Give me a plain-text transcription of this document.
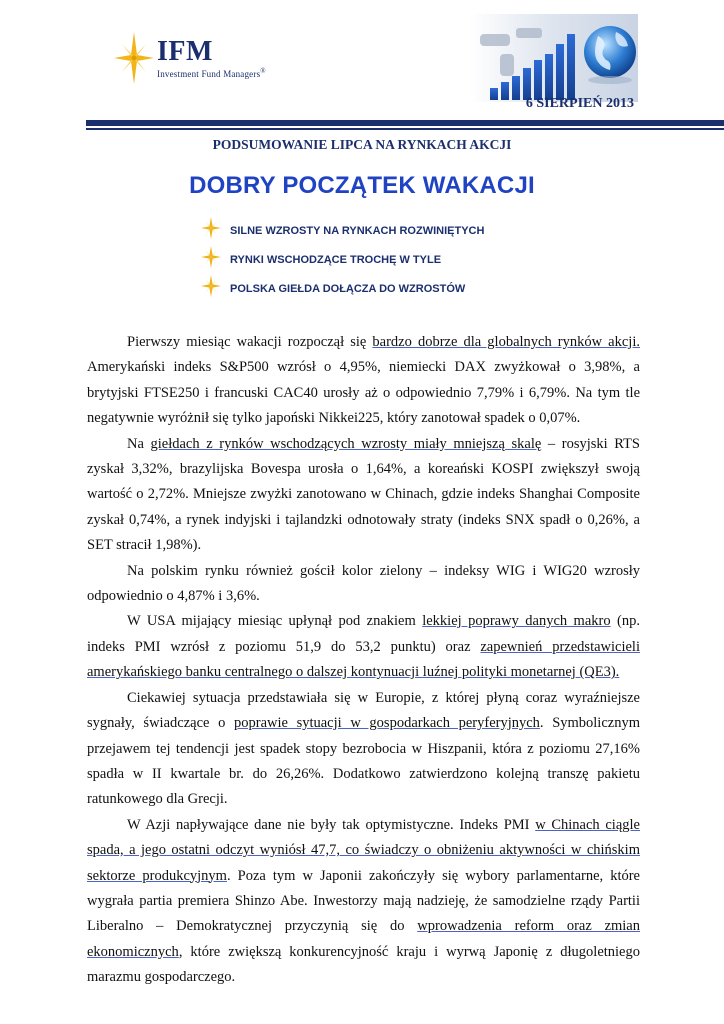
IFM
Investment Fund Managers®
6 SIERPIEŃ 2013
PODSUMOWANIE LIPCA NA RYNKACH AKCJI
DOBRY POCZĄTEK WAKACJI
SILNE WZROSTY NA RYNKACH ROZWINIĘTYCH
RYNKI WSCHODZĄCE TROCHĘ W TYLE
POLSKA GIEŁDA DOŁĄCZA DO WZROSTÓW

Pierwszy miesiąc wakacji rozpoczął się bardzo dobrze dla globalnych rynków akcji. Amerykański indeks S&P500 wzrósł o 4,95%, niemiecki DAX zwyżkował o 3,98%, a brytyjski FTSE250 i francuski CAC40 urosły aż o odpowiednio 7,79% i 6,79%. Na tym tle negatywnie wyróżnił się tylko japoński Nikkei225, który zanotował spadek o 0,07%.

Na giełdach z rynków wschodzących wzrosty miały mniejszą skalę – rosyjski RTS zyskał 3,32%, brazylijska Bovespa urosła o 1,64%, a koreański KOSPI zwiększył swoją wartość o 2,72%. Mniejsze zwyżki zanotowano w Chinach, gdzie indeks Shanghai Composite zyskał 0,74%, a rynek indyjski i tajlandzki odnotowały straty (indeks SNX spadł o 0,26%, a SET stracił 1,98%).

Na polskim rynku również gościł kolor zielony – indeksy WIG i WIG20 wzrosły odpowiednio o 4,87% i 3,6%.

W USA mijający miesiąc upłynął pod znakiem lekkiej poprawy danych makro (np. indeks PMI wzrósł z poziomu 51,9 do 53,2 punktu) oraz zapewnień przedstawicieli amerykańskiego banku centralnego o dalszej kontynuacji luźnej polityki monetarnej (QE3).

Ciekawiej sytuacja przedstawiała się w Europie, z której płyną coraz wyraźniejsze sygnały, świadczące o poprawie sytuacji w gospodarkach peryferyjnych. Symbolicznym przejawem tej tendencji jest spadek stopy bezrobocia w Hiszpanii, która z poziomu 27,16% spadła w II kwartale br. do 26,26%. Dodatkowo zatwierdzono kolejną transzę pakietu ratunkowego dla Grecji.

W Azji napływające dane nie były tak optymistyczne. Indeks PMI w Chinach ciągle spada, a jego ostatni odczyt wyniósł 47,7, co świadczy o obniżeniu aktywności w chińskim sektorze produkcyjnym. Poza tym w Japonii zakończyły się wybory parlamentarne, które wygrała partia premiera Shinzo Abe. Inwestorzy mają nadzieję, że samodzielne rządy Partii Liberalno – Demokratycznej przyczynią się do wprowadzenia reform oraz zmian ekonomicznych, które zwiększą konkurencyjność kraju i wyrwą Japonię z długoletniego marazmu gospodarczego.
